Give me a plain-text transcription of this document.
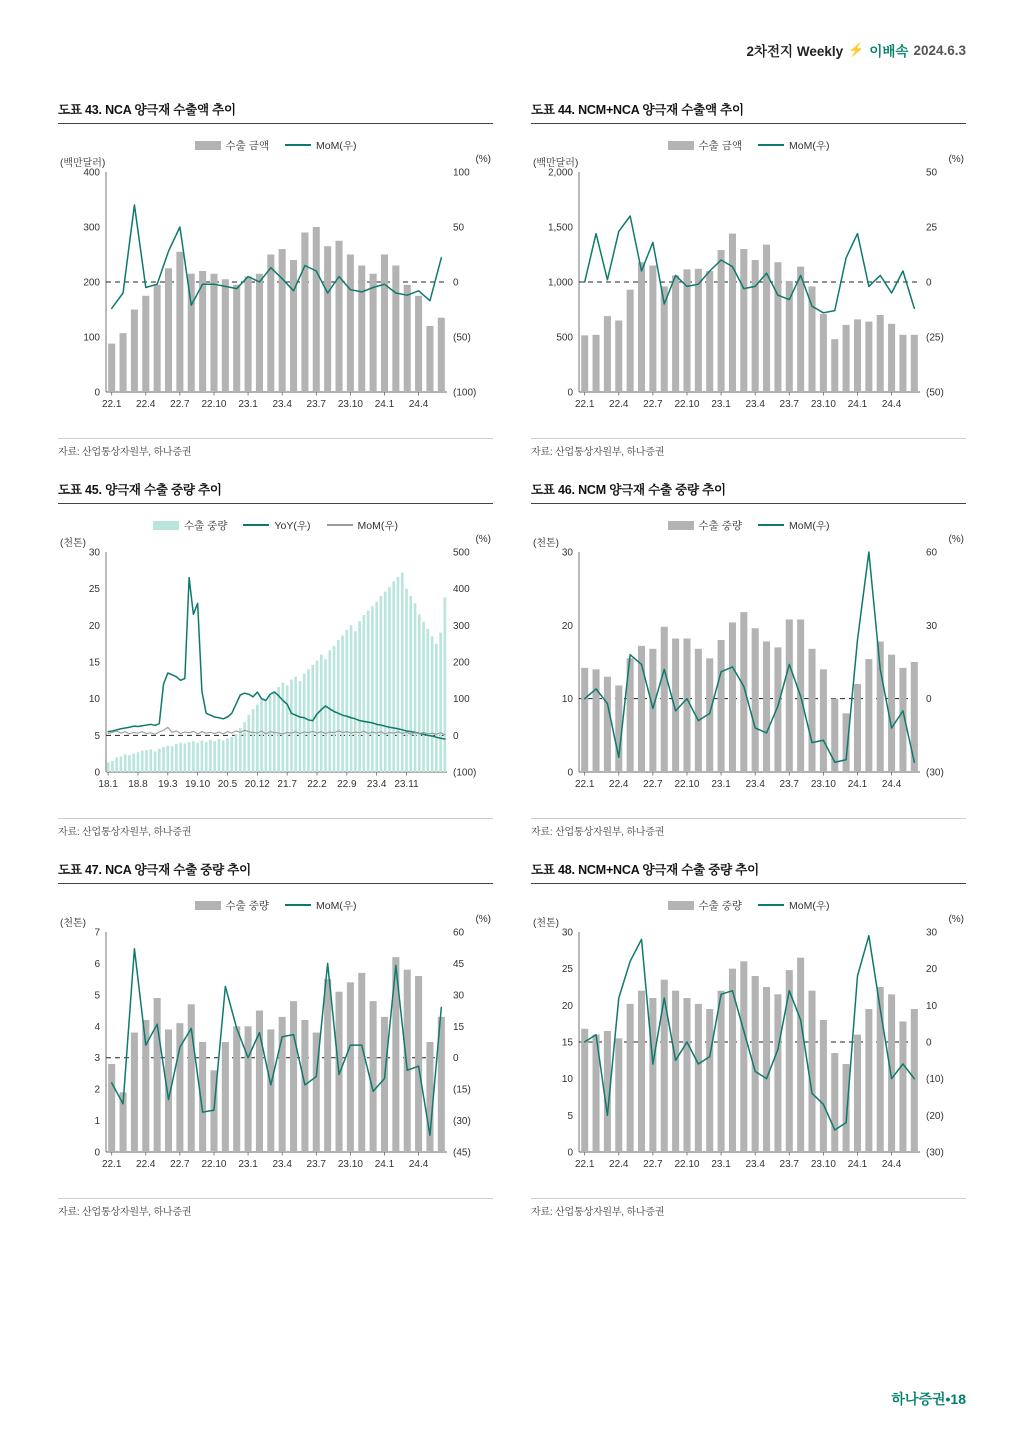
2차전지 Weekly ⚡ 이배속 2024.6.3
도표 43. NCA 양극재 수출액 추이
수출 금액	MoM(우)
(백만달러)	(%)
0
100
200
300
400
(100)
(50)
0
50
100
22.1 22.4 22.7 22.10 23.1 23.4 23.7 23.10 24.1 24.4
자료: 산업통상자원부, 하나증권
도표 44. NCM+NCA 양극재 수출액 추이
수출 금액	MoM(우)
(백만달러)	(%)
0
500
1,000
1,500
2,000
(50)
(25)
0
25
50
22.1 22.4 22.7 22.10 23.1 23.4 23.7 23.10 24.1 24.4
자료: 산업통상자원부, 하나증권
도표 45. 양극재 수출 중량 추이
수출 중량	YoY(우)	MoM(우)
(천톤)	(%)
0
5
10
15
20
25
30
(100)
0
100
200
300
400
500
18.1 18.8 19.3 19.10 20.5 20.12 21.7 22.2 22.9 23.4 23.11
자료: 산업통상자원부, 하나증권
도표 46. NCM 양극재 수출 중량 추이
수출 중량	MoM(우)
(천톤)	(%)
0
10
20
30
(30)
0
30
60
22.1 22.4 22.7 22.10 23.1 23.4 23.7 23.10 24.1 24.4
자료: 산업통상자원부, 하나증권
도표 47. NCA 양극재 수출 중량 추이
수출 중량	MoM(우)
(천톤)	(%)
0
1
2
3
4
5
6
7
(45)
(30)
(15)
0
15
30
45
60
22.1 22.4 22.7 22.10 23.1 23.4 23.7 23.10 24.1 24.4
자료: 산업통상자원부, 하나증권
도표 48. NCM+NCA 양극재 수출 중량 추이
수출 중량	MoM(우)
(천톤)	(%)
0
5
10
15
20
25
30
(30)
(20)
(10)
0
10
20
30
22.1 22.4 22.7 22.10 23.1 23.4 23.7 23.10 24.1 24.4
자료: 산업통상자원부, 하나증권
하나증권•18
